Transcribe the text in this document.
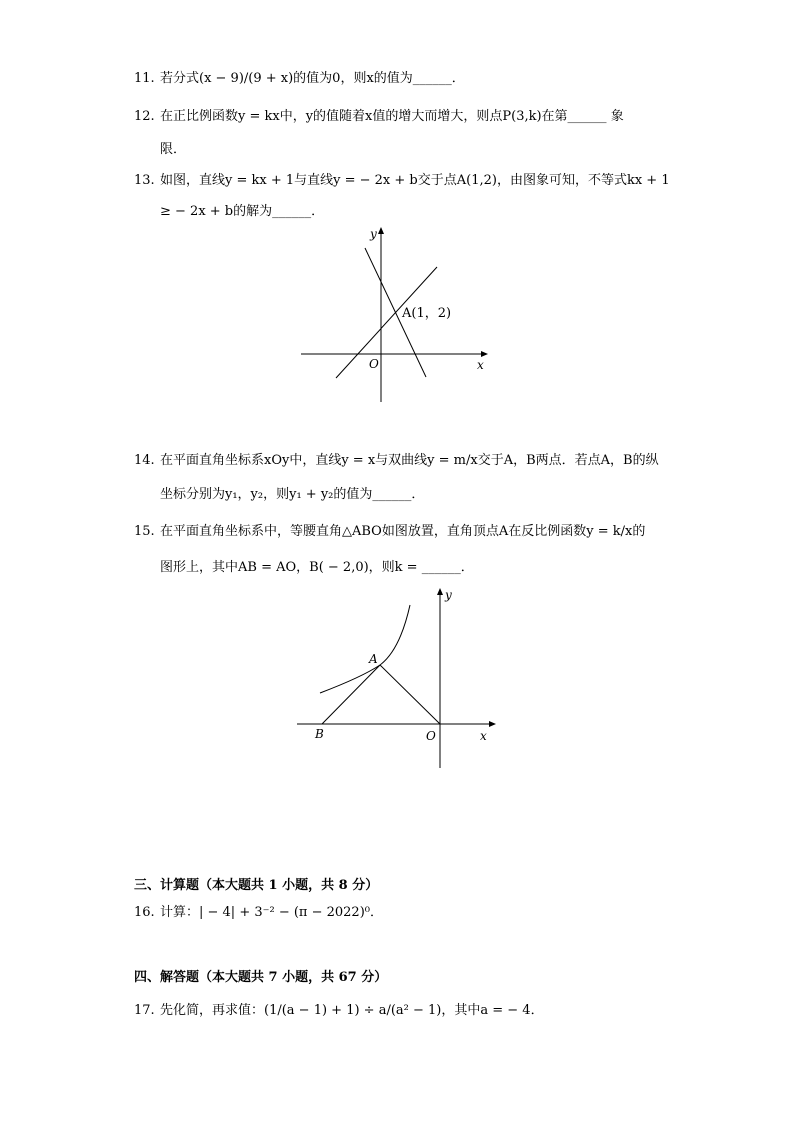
11. 若分式(x − 9)/(9 + x)的值为0，则x的值为______．
12. 在正比例函数y = kx中，y的值随着x值的增大而增大，则点P(3,k)在第______ 象
限．
13. 如图，直线y = kx + 1与直线y = − 2x + b交于点A(1,2)，由图象可知，不等式kx + 1
≥ − 2x + b的解为______．
y
x
O
A(1，2)
14. 在平面直角坐标系xOy中，直线y = x与双曲线y = m/x交于A，B两点．若点A，B的纵
坐标分别为y₁，y₂，则y₁ + y₂的值为______．
15. 在平面直角坐标系中，等腰直角△ABO如图放置，直角顶点A在反比例函数y = k/x的
图形上，其中AB = AO，B( − 2,0)，则k = ______．
y
x
O
A
B
三、计算题（本大题共 1 小题，共 8 分）
16. 计算：| − 4| + 3⁻² − (π − 2022)⁰．
四、解答题（本大题共 7 小题，共 67 分）
17. 先化简，再求值：(1/(a − 1) + 1) ÷ a/(a² − 1)，其中a = − 4．
